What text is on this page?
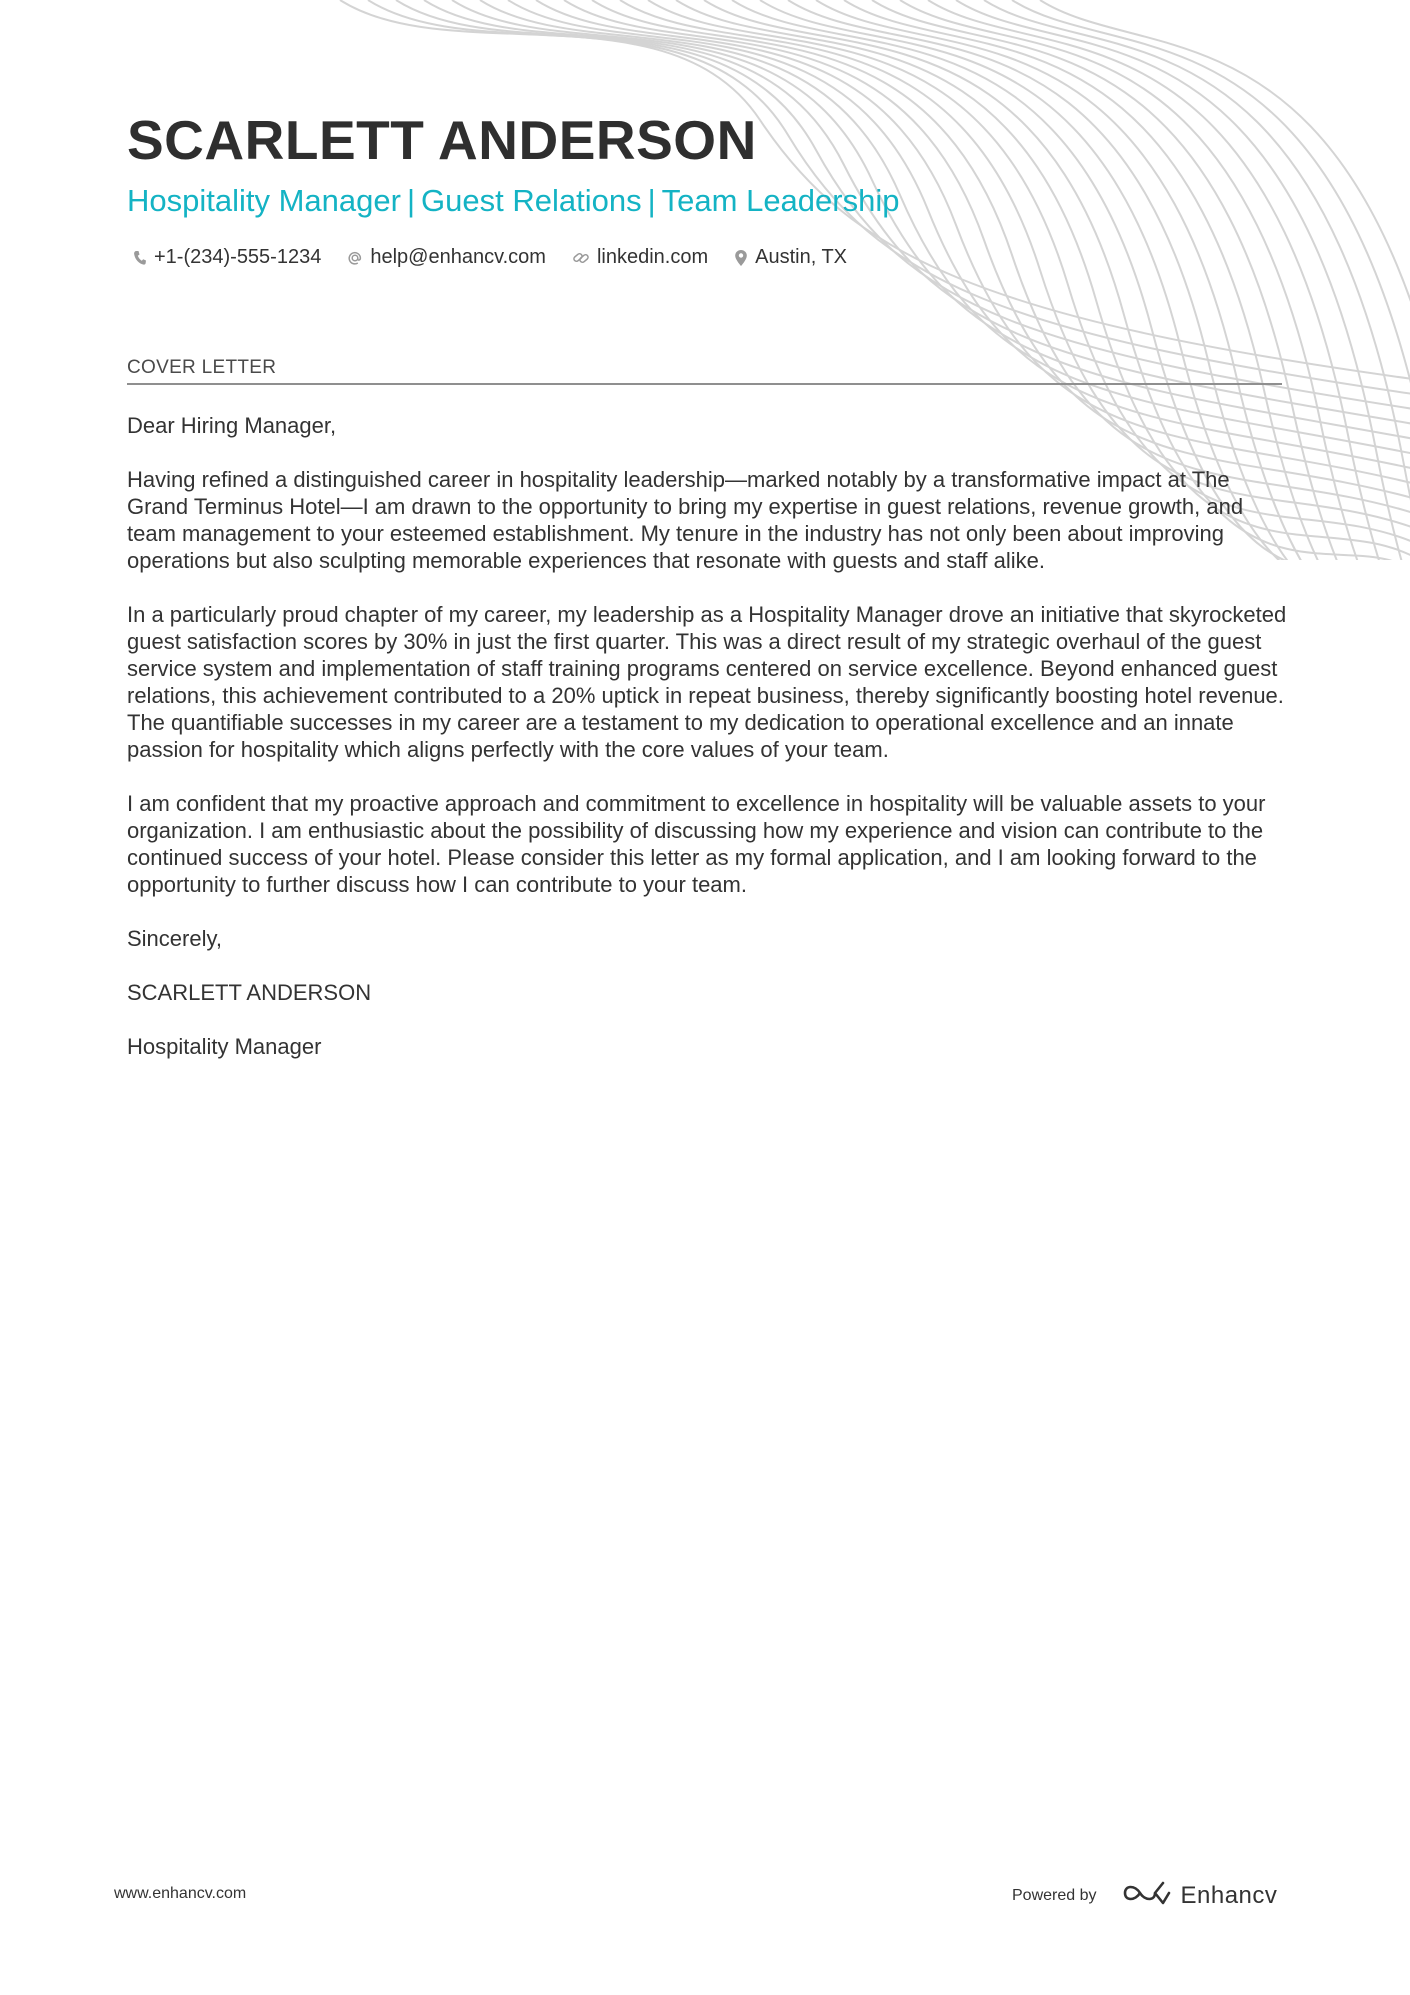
SCARLETT ANDERSON
Hospitality Manager | Guest Relations | Team Leadership
+1-(234)-555-1234 help@enhancv.com	linkedin.com Austin, TX
COVER LETTER

Dear Hiring Manager,

Having refined a distinguished career in hospitality leadership—marked notably by a transformative impact at The Grand Terminus Hotel—I am drawn to the opportunity to bring my expertise in guest relations, revenue growth, and team management to your esteemed establishment. My tenure in the industry has not only been about improving operations but also sculpting memorable experiences that resonate with guests and staff alike.

In a particularly proud chapter of my career, my leadership as a Hospitality Manager drove an initiative that skyrocketed guest satisfaction scores by 30% in just the first quarter. This was a direct result of my strategic overhaul of the guest service system and implementation of staff training programs centered on service excellence. Beyond enhanced guest relations, this achievement contributed to a 20% uptick in repeat business, thereby significantly boosting hotel revenue. The quantifiable successes in my career are a testament to my dedication to operational excellence and an innate passion for hospitality which aligns perfectly with the core values of your team.

I am confident that my proactive approach and commitment to excellence in hospitality will be valuable assets to your organization. I am enthusiastic about the possibility of discussing how my experience and vision can contribute to the continued success of your hotel. Please consider this letter as my formal application, and I am looking forward to the opportunity to further discuss how I can contribute to your team.

Sincerely,

SCARLETT ANDERSON

Hospitality Manager

www.enhancv.com	Powered by	Enhancv
